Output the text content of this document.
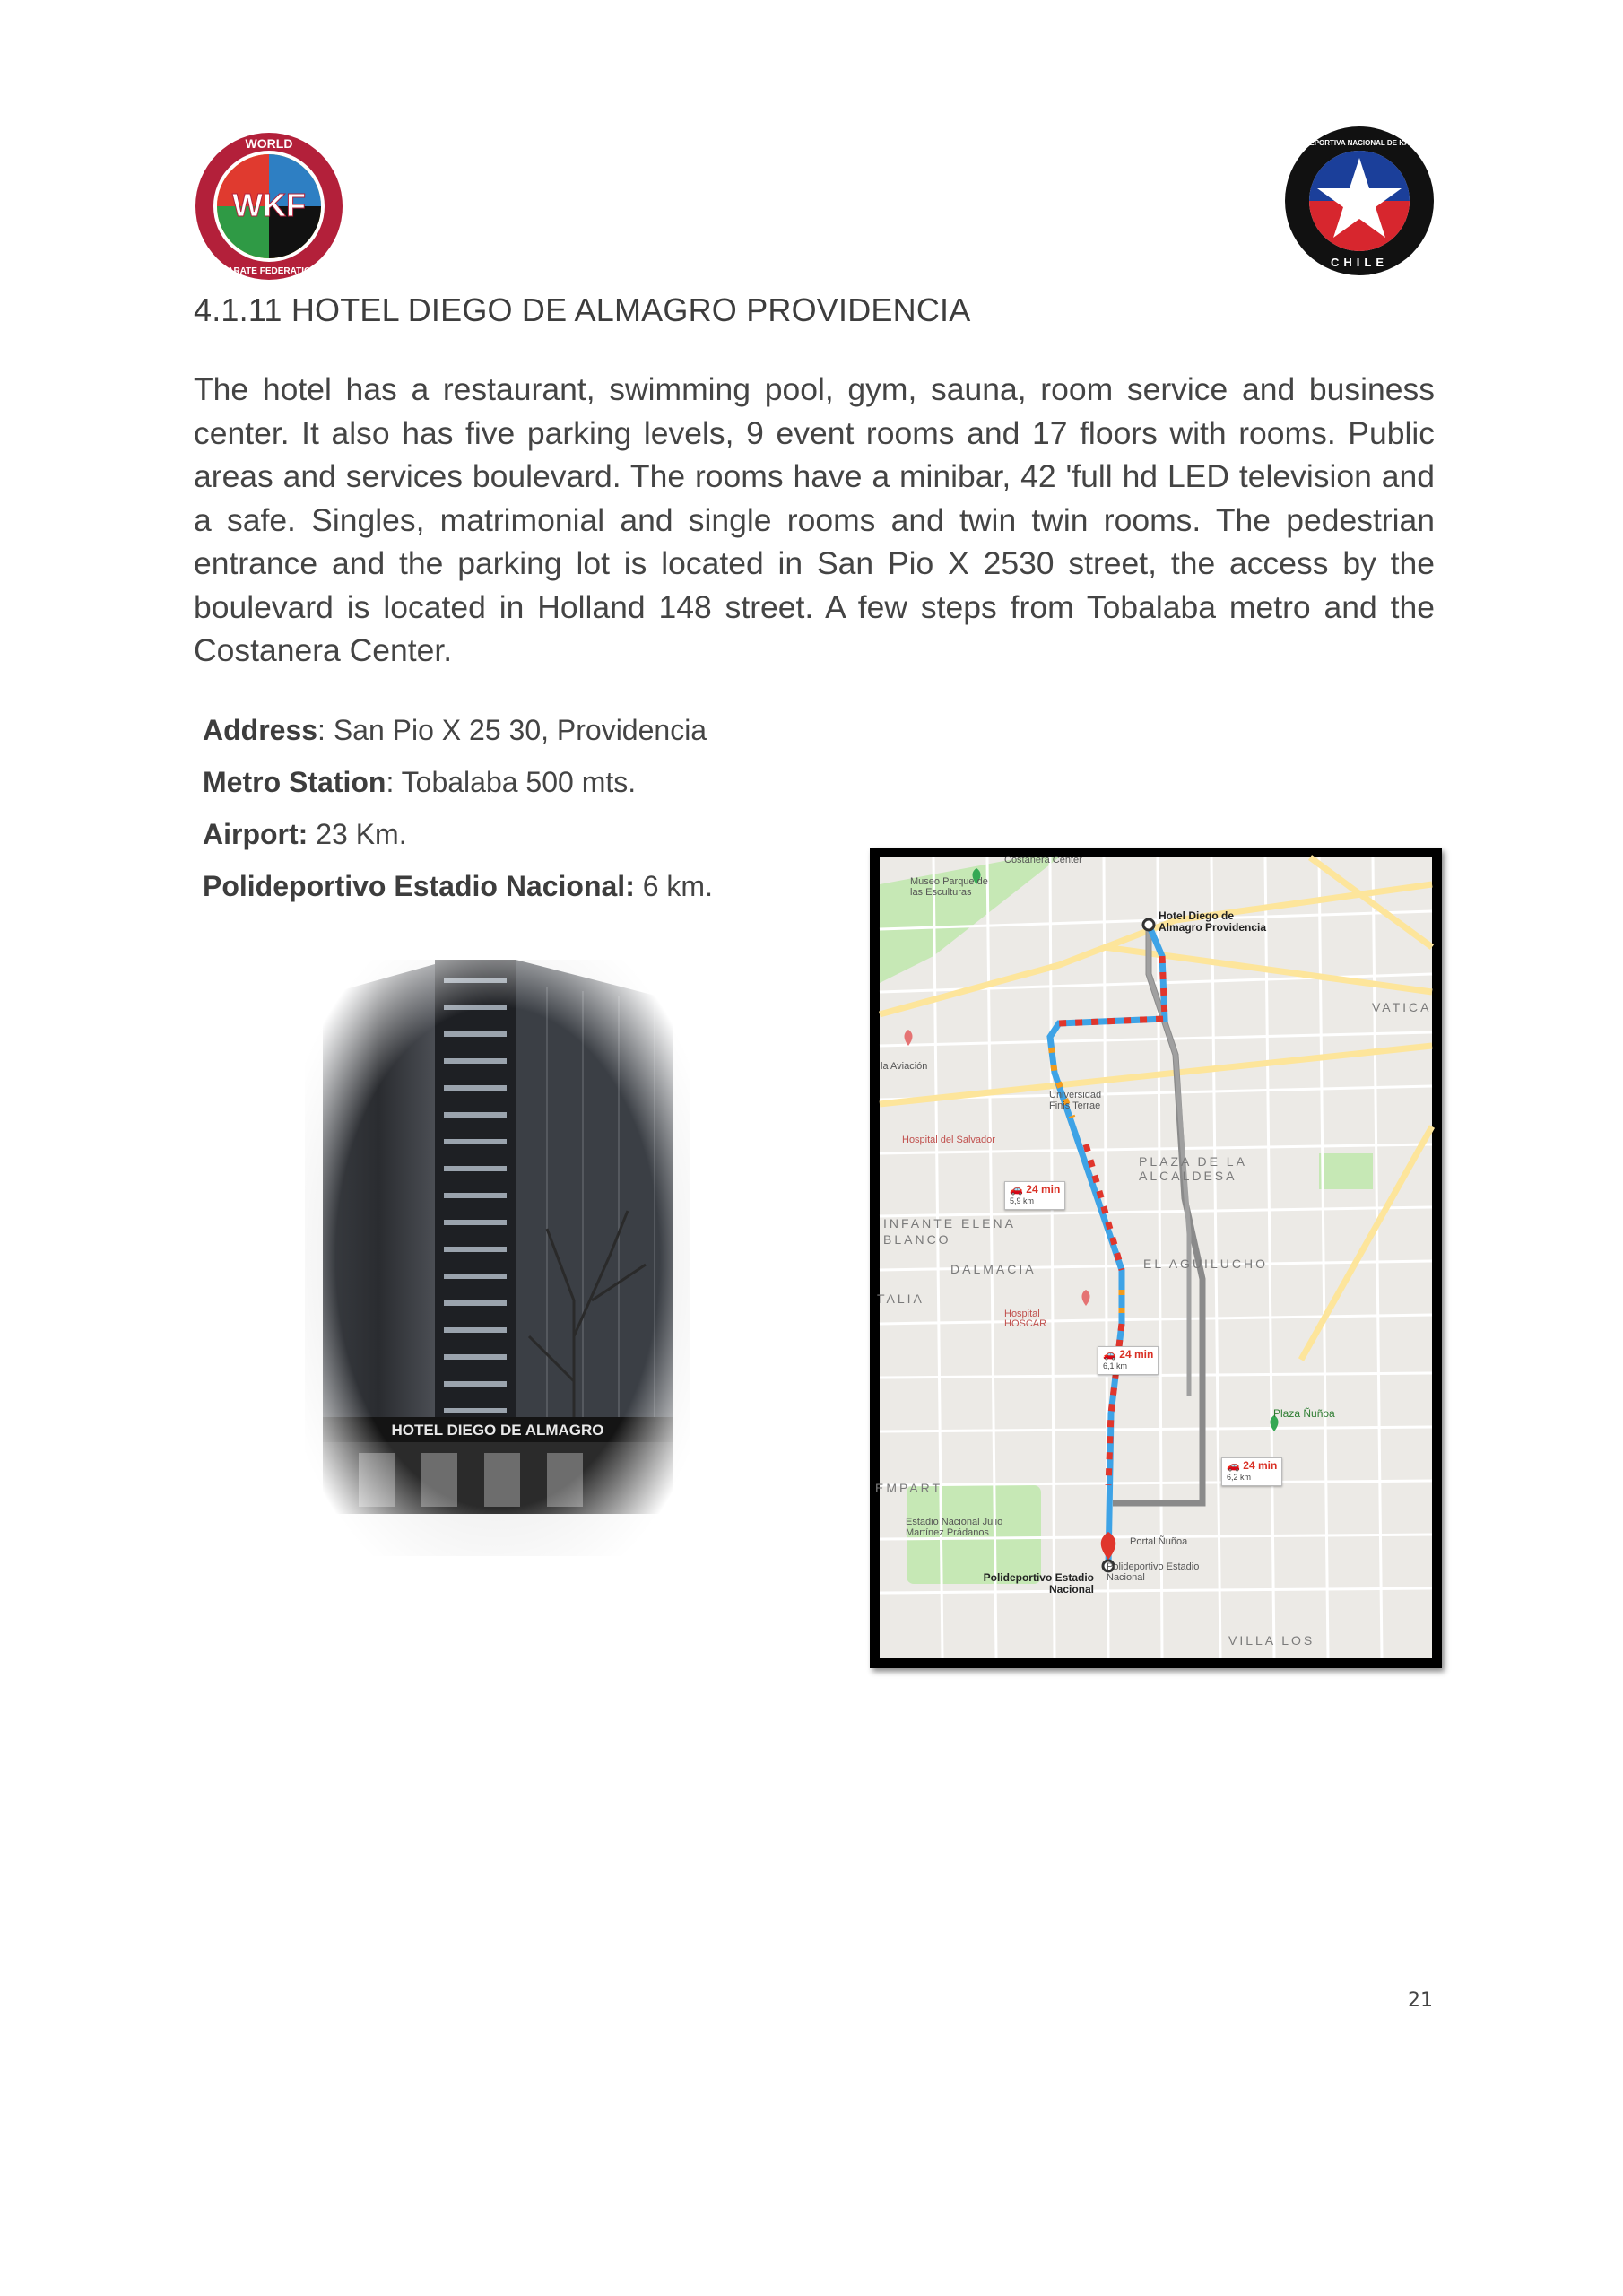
WKF
WORLD
KARATE FEDERATION
FEDERACIÓN DEPORTIVA NACIONAL DE KARATE DE CHILE
CHILE
4.1.11 HOTEL DIEGO DE ALMAGRO PROVIDENCIA
The hotel has a restaurant, swimming pool, gym, sauna, room service and business center. It also has five parking levels, 9 event rooms and 17 floors with rooms. Public areas and services boulevard. The rooms have a minibar, 42 'full hd LED television and a safe. Singles, matrimonial and single rooms and twin twin rooms. The pedestrian entrance and the parking lot is located in San Pio X 2530 street, the access by the boulevard is located in Holland 148 street. A few steps from Tobalaba metro and the Costanera Center.
Address: San Pio X 25 30, Providencia
Metro Station: Tobalaba 500 mts.
Airport: 23 Km.
Polideportivo Estadio Nacional: 6 km.
Costanera Center
Museo Parque de las Esculturas
Hotel Diego de Almagro Providencia
VATICA
la Aviación
Universidad Finis Terrae
Hospital del Salvador
PLAZA DE LA ALCALDESA
INFANTE ELENA BLANCO
DALMACIA
TALIA
EL AGUILUCHO
Hospital HOSCAR
Plaza Ñuñoa
EMPART
Estadio Nacional Julio Martínez Prádanos
Portal Ñuñoa
Polideportivo Estadio Nacional
Polideportivo Estadio Nacional
VILLA LOS
🚗 24 min
5,9 km
🚗 24 min
6,1 km
🚗 24 min
6,2 km
21
